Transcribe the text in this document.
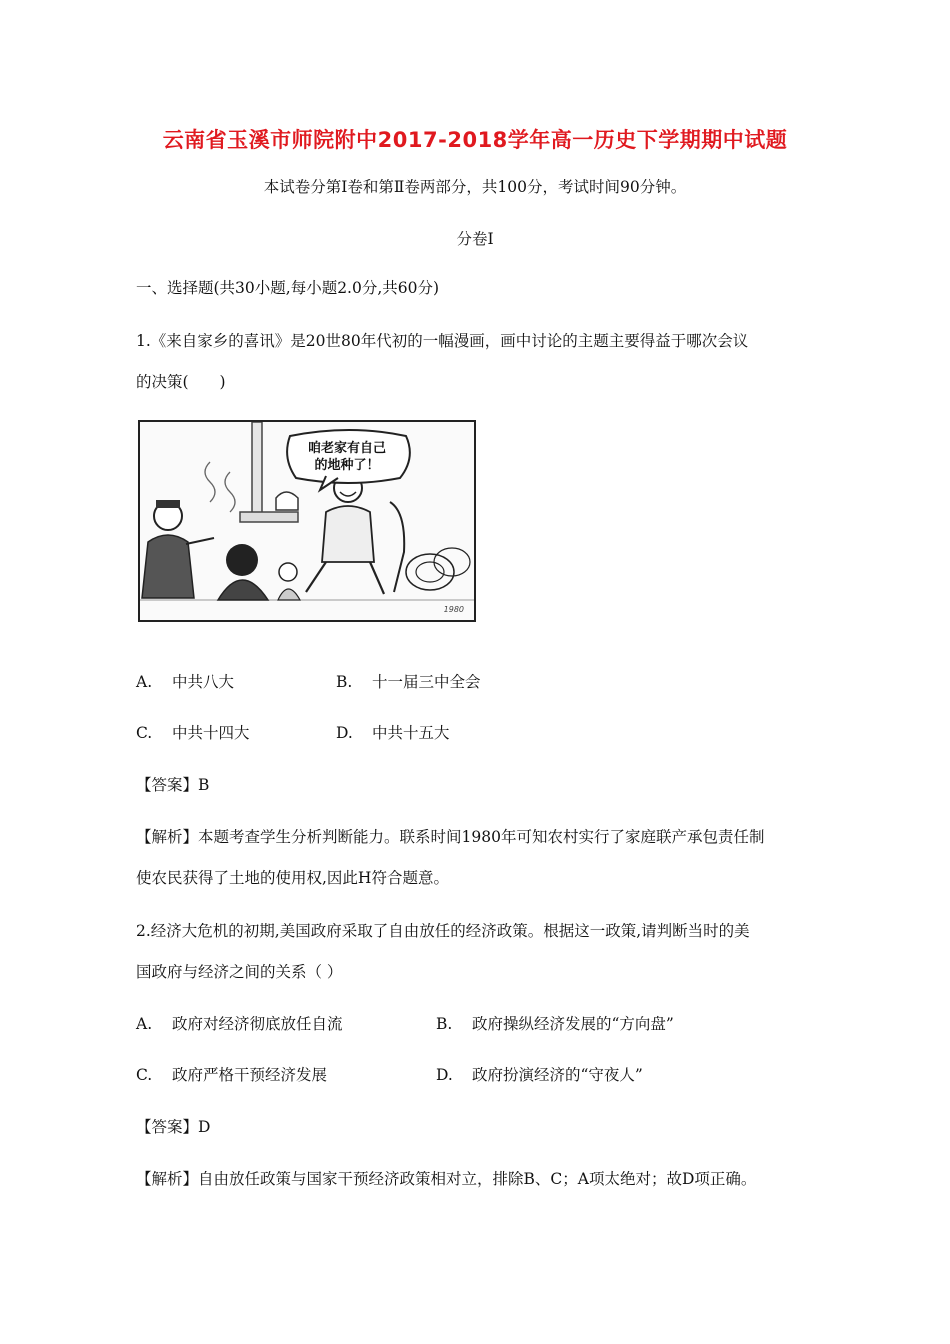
云南省玉溪市师院附中2017-2018学年高一历史下学期期中试题
本试卷分第Ⅰ卷和第Ⅱ卷两部分，共100分，考试时间90分钟。
分卷I
一、选择题(共30小题,每小题2.0分,共60分)
1.《来自家乡的喜讯》是20世80年代初的一幅漫画，画中讨论的主题主要得益于哪次会议
的决策(　　)
咱老家有自己
的地种了！
1980
A. 中共八大	B. 十一届三中全会
C. 中共十四大	D. 中共十五大
【答案】B
【解析】本题考查学生分析判断能力。联系时间1980年可知农村实行了家庭联产承包责任制
使农民获得了土地的使用权,因此H符合题意。
2.经济大危机的初期,美国政府采取了自由放任的经济政策。根据这一政策,请判断当时的美
国政府与经济之间的关系（ ）
A. 政府对经济彻底放任自流	B. 政府操纵经济发展的“方向盘”
C. 政府严格干预经济发展	D. 政府扮演经济的“守夜人”
【答案】D
【解析】自由放任政策与国家干预经济政策相对立，排除B、C；A项太绝对；故D项正确。
